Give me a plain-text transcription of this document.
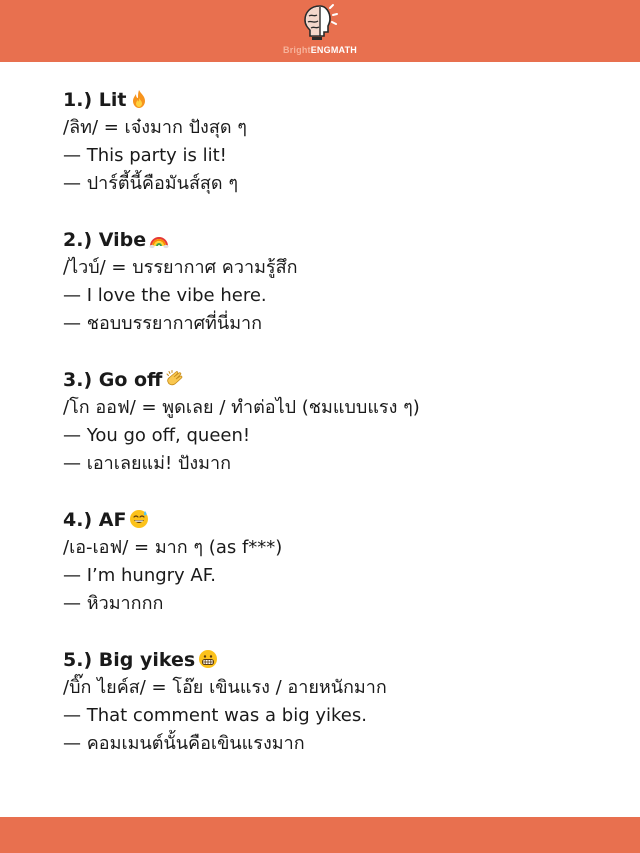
BrightENGMATH
1.) Lit
/ลิท/ = เจ๋งมาก ปังสุด ๆ
— This party is lit!
— ปาร์ตี้นี้คือมันส์สุด ๆ
2.) Vibe
/ไวบ์/ = บรรยากาศ ความรู้สึก
— I love the vibe here.
— ชอบบรรยากาศที่นี่มาก
3.) Go off
/โก ออฟ/ = พูดเลย / ทำต่อไป (ชมแบบแรง ๆ)
— You go off, queen!
— เอาเลยแม่! ปังมาก
4.) AF
/เอ-เอฟ/ = มาก ๆ (as f***)
— I’m hungry AF.
— หิวมากกก
5.) Big yikes
/บิ๊ก ไยค์ส/ = โอ๊ย เขินแรง / อายหนักมาก
— That comment was a big yikes.
— คอมเมนต์นั้นคือเขินแรงมาก
